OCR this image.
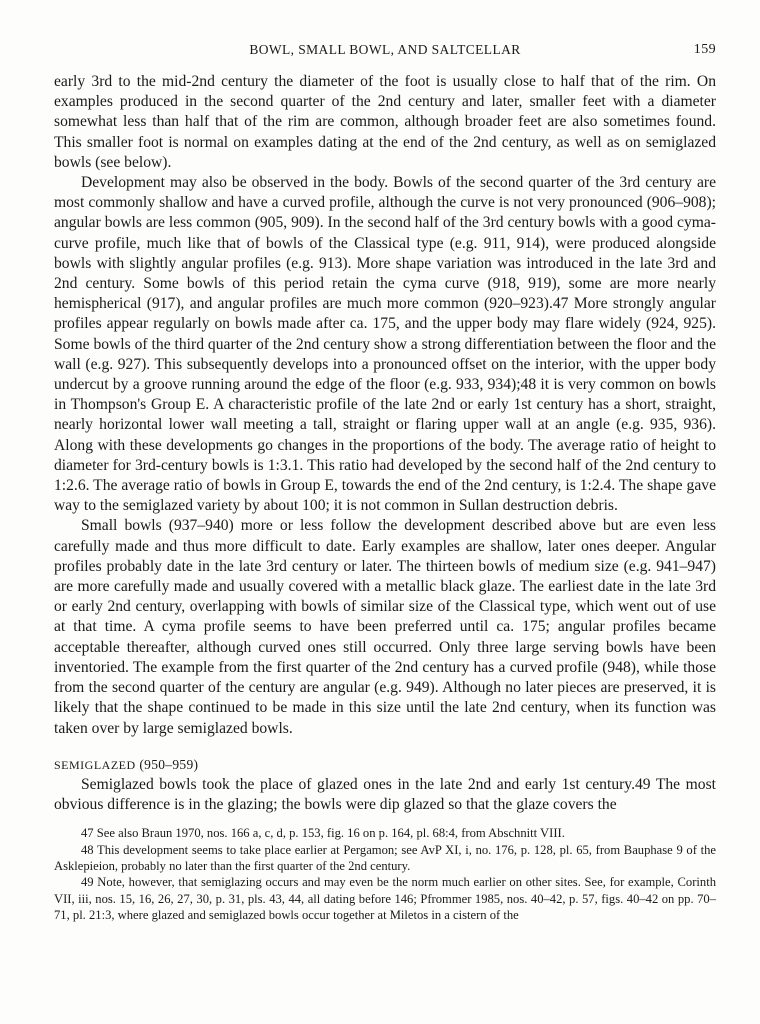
BOWL, SMALL BOWL, AND SALTCELLAR	159

early 3rd to the mid-2nd century the diameter of the foot is usually close to half that of the rim. On examples produced in the second quarter of the 2nd century and later, smaller feet with a diameter somewhat less than half that of the rim are common, although broader feet are also sometimes found. This smaller foot is normal on examples dating at the end of the 2nd century, as well as on semiglazed bowls (see below).

Development may also be observed in the body. Bowls of the second quarter of the 3rd century are most commonly shallow and have a curved profile, although the curve is not very pronounced (906–908); angular bowls are less common (905, 909). In the second half of the 3rd century bowls with a good cyma-curve profile, much like that of bowls of the Classical type (e.g. 911, 914), were produced alongside bowls with slightly angular profiles (e.g. 913). More shape variation was introduced in the late 3rd and 2nd century. Some bowls of this period retain the cyma curve (918, 919), some are more nearly hemispherical (917), and angular profiles are much more common (920–923).47 More strongly angular profiles appear regularly on bowls made after ca. 175, and the upper body may flare widely (924, 925). Some bowls of the third quarter of the 2nd century show a strong differentiation between the floor and the wall (e.g. 927). This subsequently develops into a pronounced offset on the interior, with the upper body undercut by a groove running around the edge of the floor (e.g. 933, 934);48 it is very common on bowls in Thompson's Group E. A characteristic profile of the late 2nd or early 1st century has a short, straight, nearly horizontal lower wall meeting a tall, straight or flaring upper wall at an angle (e.g. 935, 936). Along with these developments go changes in the proportions of the body. The average ratio of height to diameter for 3rd-century bowls is 1:3.1. This ratio had developed by the second half of the 2nd century to 1:2.6. The average ratio of bowls in Group E, towards the end of the 2nd century, is 1:2.4. The shape gave way to the semiglazed variety by about 100; it is not common in Sullan destruction debris.

Small bowls (937–940) more or less follow the development described above but are even less carefully made and thus more difficult to date. Early examples are shallow, later ones deeper. Angular profiles probably date in the late 3rd century or later. The thirteen bowls of medium size (e.g. 941–947) are more carefully made and usually covered with a metallic black glaze. The earliest date in the late 3rd or early 2nd century, overlapping with bowls of similar size of the Classical type, which went out of use at that time. A cyma profile seems to have been preferred until ca. 175; angular profiles became acceptable thereafter, although curved ones still occurred. Only three large serving bowls have been inventoried. The example from the first quarter of the 2nd century has a curved profile (948), while those from the second quarter of the century are angular (e.g. 949). Although no later pieces are preserved, it is likely that the shape continued to be made in this size until the late 2nd century, when its function was taken over by large semiglazed bowls.

SEMIGLAZED (950–959)

Semiglazed bowls took the place of glazed ones in the late 2nd and early 1st century.49 The most obvious difference is in the glazing; the bowls were dip glazed so that the glaze covers the

47 See also Braun 1970, nos. 166 a, c, d, p. 153, fig. 16 on p. 164, pl. 68:4, from Abschnitt VIII.

48 This development seems to take place earlier at Pergamon; see AvP XI, i, no. 176, p. 128, pl. 65, from Bauphase 9 of the Asklepieion, probably no later than the first quarter of the 2nd century.

49 Note, however, that semiglazing occurs and may even be the norm much earlier on other sites. See, for example, Corinth VII, iii, nos. 15, 16, 26, 27, 30, p. 31, pls. 43, 44, all dating before 146; Pfrommer 1985, nos. 40–42, p. 57, figs. 40–42 on pp. 70–71, pl. 21:3, where glazed and semiglazed bowls occur together at Miletos in a cistern of the
